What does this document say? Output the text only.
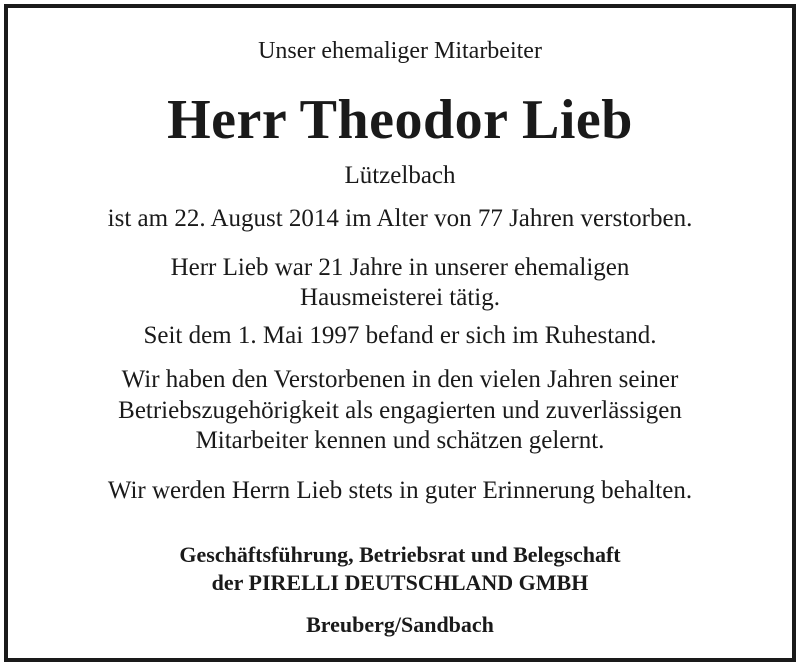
Unser ehemaliger Mitarbeiter

Herr Theodor Lieb

Lützelbach

ist am 22. August 2014 im Alter von 77 Jahren verstorben.

Herr Lieb war 21 Jahre in unserer ehemaligen

Hausmeisterei tätig.

Seit dem 1. Mai 1997 befand er sich im Ruhestand.

Wir haben den Verstorbenen in den vielen Jahren seiner

Betriebszugehörigkeit als engagierten und zuverlässigen

Mitarbeiter kennen und schätzen gelernt.

Wir werden Herrn Lieb stets in guter Erinnerung behalten.

Geschäftsführung, Betriebsrat und Belegschaft

der PIRELLI DEUTSCHLAND GMBH

Breuberg/Sandbach
